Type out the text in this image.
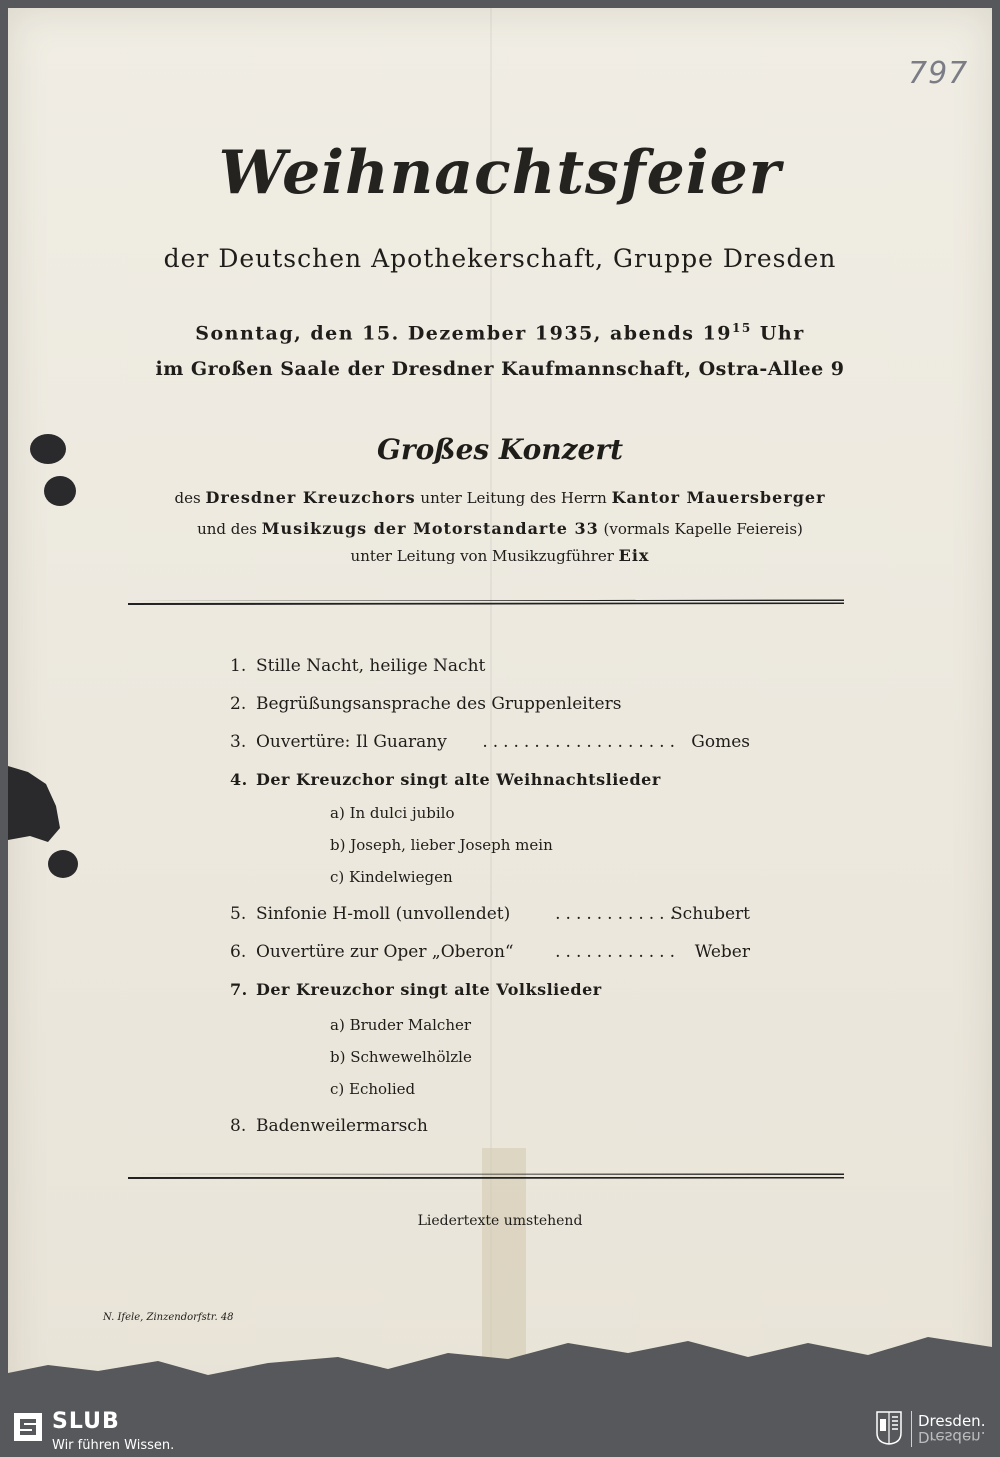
797
Weihnachtsfeier
der Deutschen Apothekerschaft, Gruppe Dresden
Sonntag, den 15. Dezember 1935, abends $19^{15}$ Uhr
im Großen Saale der Dresdner Kaufmannschaft, Ostra-Allee 9
Großes Konzert
des Dresdner Kreuzchors unter Leitung des Herrn Kantor Mauersberger
und des Musikzugs der Motorstandarte 33 (vormals Kapelle Feiereis)
unter Leitung von Musikzugführer Eix
1. Stille Nacht, heilige Nacht
2. Begrüßungsansprache des Gruppenleiters
3. Ouvertüre: Il Guarany ................... Gomes
4. Der Kreuzchor singt alte Weihnachtslieder
a) In dulci jubilo
b) Joseph, lieber Joseph mein
c) Kindelwiegen
5. Sinfonie H-moll (unvollendet)	............
Schubert
6. Ouvertüre zur Oper „Oberon“ ............ Weber
7. Der Kreuzchor singt alte Volkslieder
a) Bruder Malcher
b) Schwewelhölzle
c) Echolied
8. Badenweilermarsch
Liedertexte umstehend
N. Ifele, Zinzendorfstr. 48
SLUB
Wir führen Wissen.
Dresden.
Dresden.
